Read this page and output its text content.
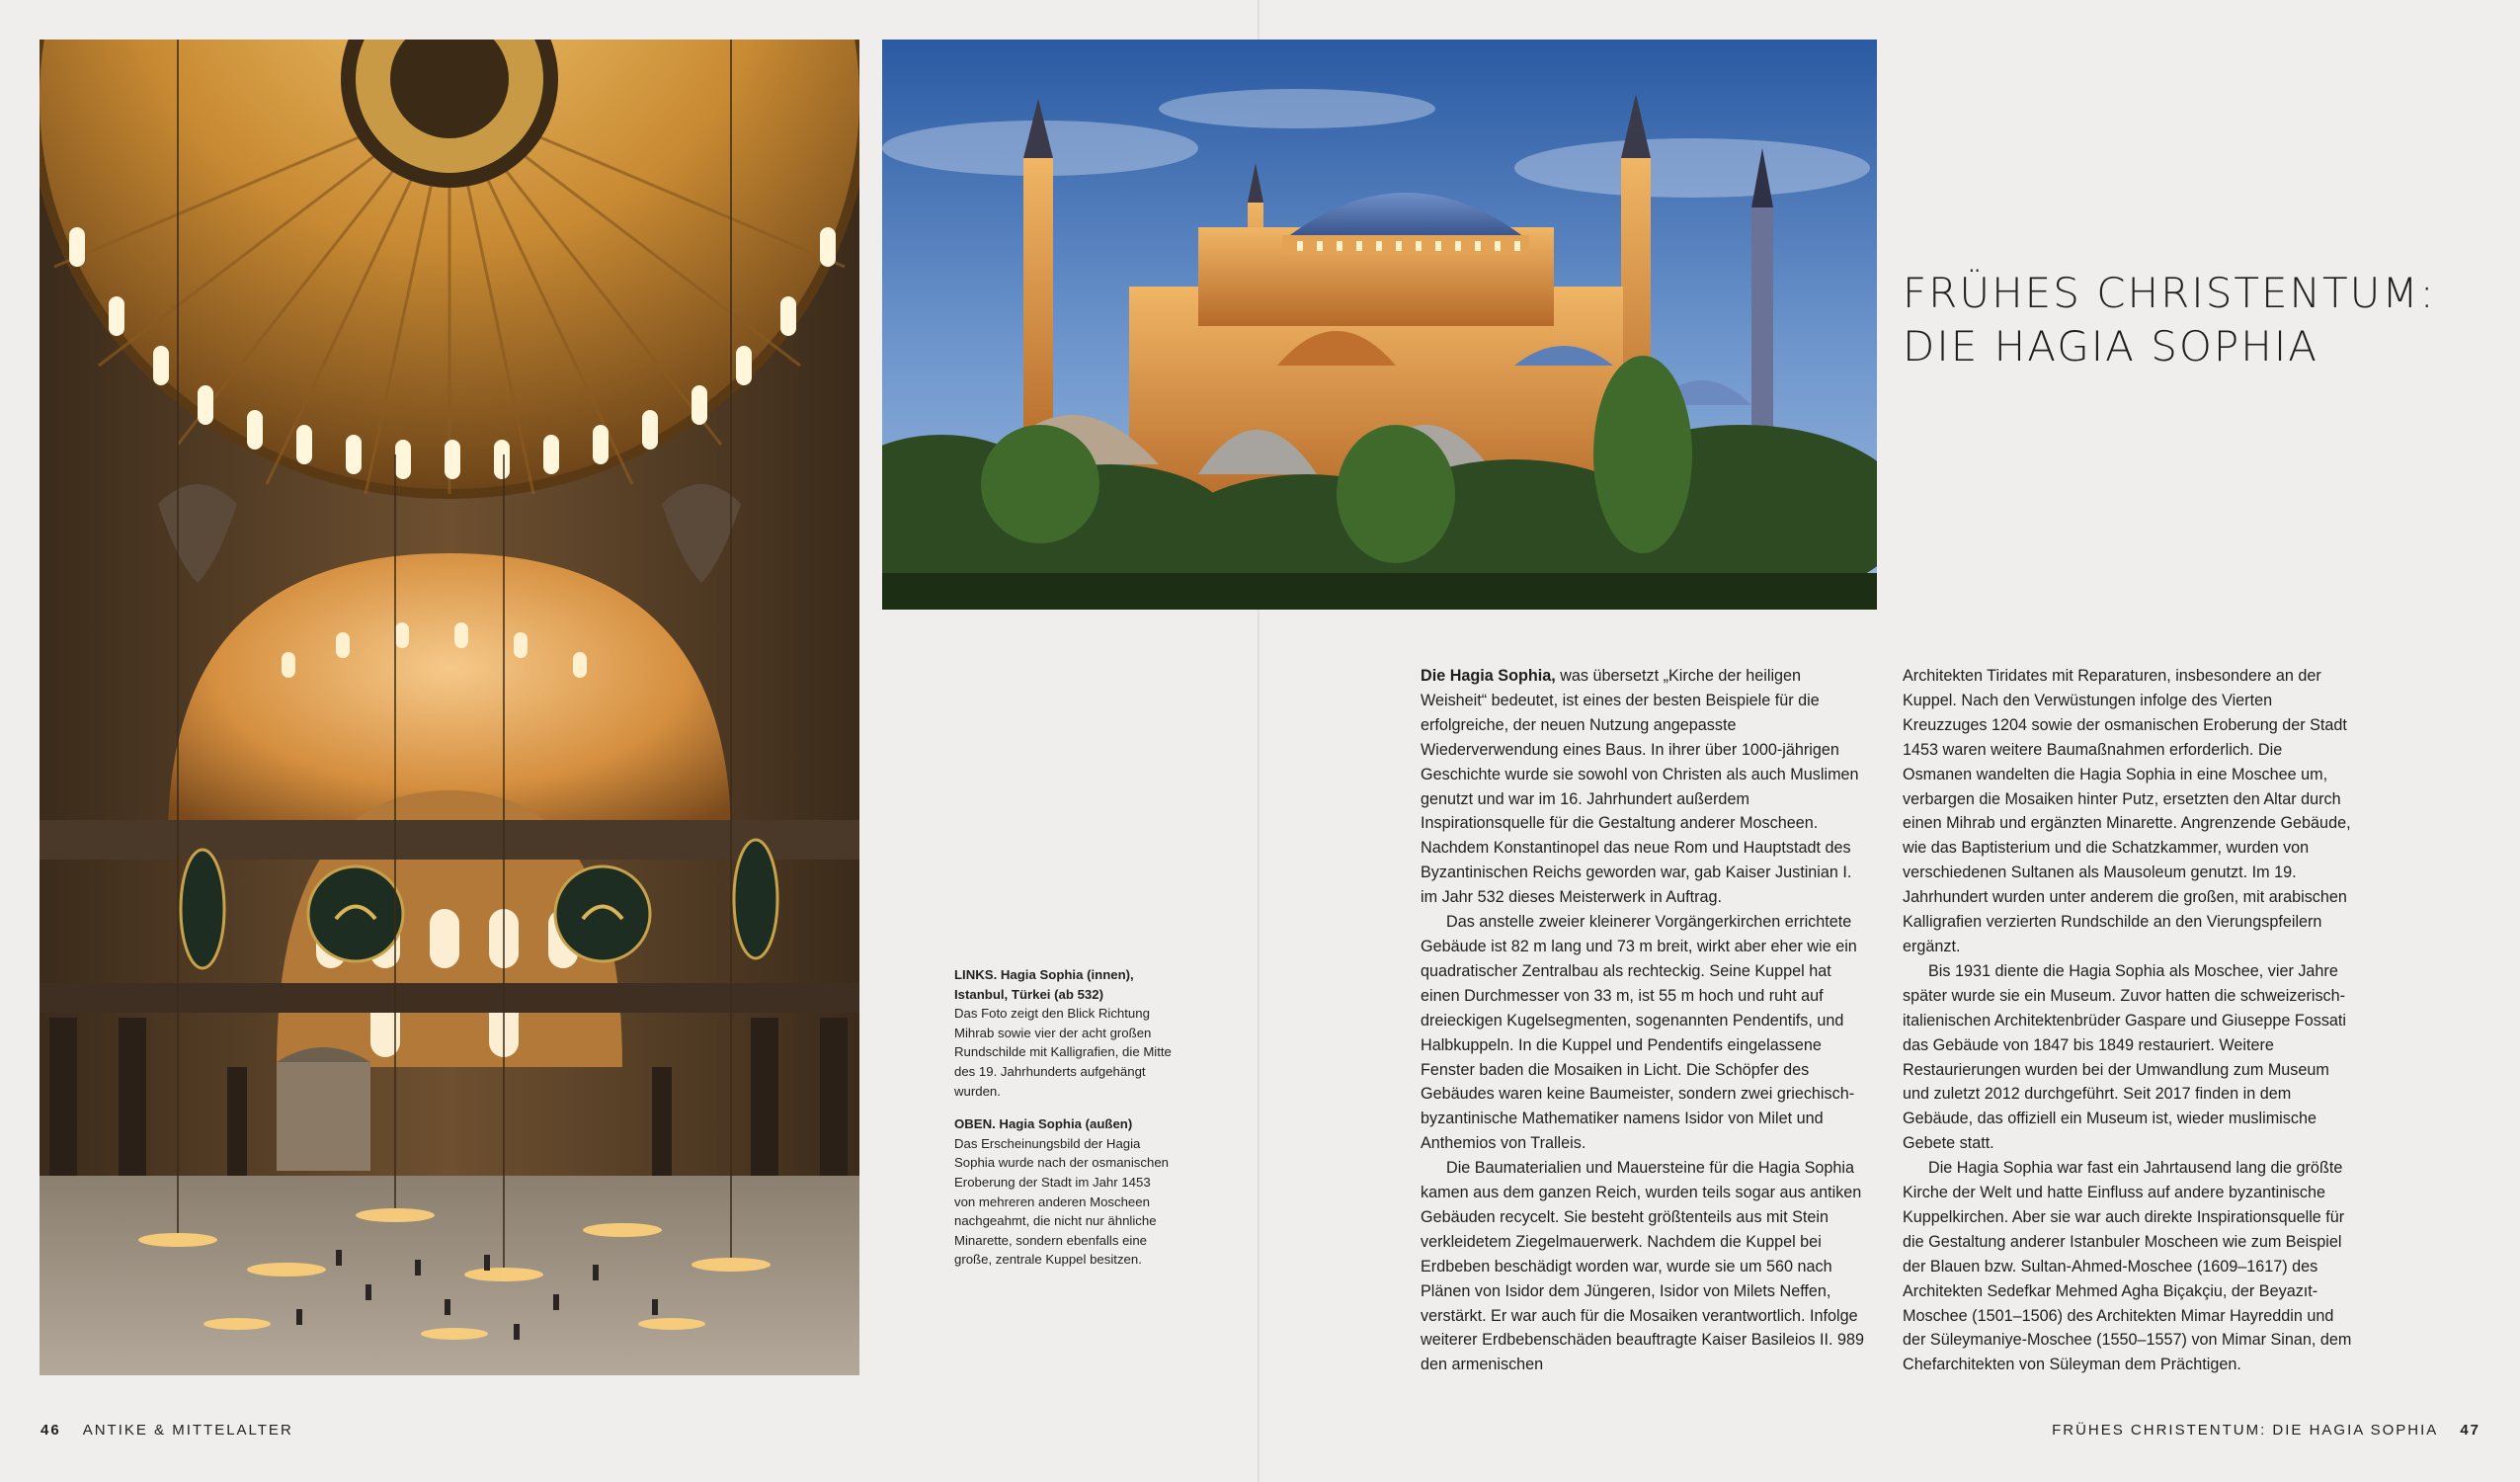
FRÜHES CHRISTENTUM:
DIE HAGIA SOPHIA
LINKS. Hagia Sophia (innen), Istanbul, Türkei (ab 532)
Das Foto zeigt den Blick Richtung Mihrab sowie vier der acht großen Rundschilde mit Kalligrafien, die Mitte des 19. Jahrhunderts aufgehängt wurden.
OBEN. Hagia Sophia (außen)
Das Erscheinungsbild der Hagia Sophia wurde nach der osmanischen Eroberung der Stadt im Jahr 1453 von mehreren anderen Moscheen nachgeahmt, die nicht nur ähnliche Minarette, sondern ebenfalls eine große, zentrale Kuppel besitzen.

Die Hagia Sophia, was übersetzt „Kirche der heiligen Weisheit“ bedeutet, ist eines der besten Beispiele für die erfolgreiche, der neuen Nutzung angepasste Wiederverwendung eines Baus. In ihrer über 1000-jährigen Geschichte wurde sie sowohl von Christen als auch Muslimen genutzt und war im 16. Jahrhundert außerdem Inspirationsquelle für die Gestaltung anderer Moscheen. Nachdem Konstantinopel das neue Rom und Hauptstadt des Byzantinischen Reichs geworden war, gab Kaiser Justinian I. im Jahr 532 dieses Meisterwerk in Auftrag.

Das anstelle zweier kleinerer Vorgängerkirchen errichtete Gebäude ist 82 m lang und 73 m breit, wirkt aber eher wie ein quadratischer Zentralbau als rechteckig. Seine Kuppel hat einen Durchmesser von 33 m, ist 55 m hoch und ruht auf dreieckigen Kugelsegmenten, sogenannten Pendentifs, und Halbkuppeln. In die Kuppel und Pendentifs eingelassene Fenster baden die Mosaiken in Licht. Die Schöpfer des Gebäudes waren keine Baumeister, sondern zwei griechisch-byzantinische Mathematiker namens Isidor von Milet und Anthemios von Tralleis.

Die Baumaterialien und Mauersteine für die Hagia Sophia kamen aus dem ganzen Reich, wurden teils sogar aus antiken Gebäuden recycelt. Sie besteht größtenteils aus mit Stein verkleidetem Ziegelmauerwerk. Nachdem die Kuppel bei Erdbeben beschädigt worden war, wurde sie um 560 nach Plänen von Isidor dem Jüngeren, Isidor von Milets Neffen, verstärkt. Er war auch für die Mosaiken verantwortlich. Infolge weiterer Erdbebenschäden beauftragte Kaiser Basileios II. 989 den armenischen

Architekten Tiridates mit Reparaturen, insbesondere an der Kuppel. Nach den Verwüstungen infolge des Vierten Kreuzzuges 1204 sowie der osmanischen Eroberung der Stadt 1453 waren weitere Baumaßnahmen erforderlich. Die Osmanen wandelten die Hagia Sophia in eine Moschee um, verbargen die Mosaiken hinter Putz, ersetzten den Altar durch einen Mihrab und ergänzten Minarette. Angrenzende Gebäude, wie das Baptisterium und die Schatzkammer, wurden von verschiedenen Sultanen als Mausoleum genutzt. Im 19. Jahrhundert wurden unter anderem die großen, mit arabischen Kalligrafien verzierten Rundschilde an den Vierungspfeilern ergänzt.

Bis 1931 diente die Hagia Sophia als Moschee, vier Jahre später wurde sie ein Museum. Zuvor hatten die schweizerisch-italienischen Architektenbrüder Gaspare und Giuseppe Fossati das Gebäude von 1847 bis 1849 restauriert. Weitere Restaurierungen wurden bei der Umwandlung zum Museum und zuletzt 2012 durchgeführt. Seit 2017 finden in dem Gebäude, das offiziell ein Museum ist, wieder muslimische Gebete statt.

Die Hagia Sophia war fast ein Jahrtausend lang die größte Kirche der Welt und hatte Einfluss auf andere byzantinische Kuppelkirchen. Aber sie war auch direkte Inspirationsquelle für die Gestaltung anderer Istanbuler Moscheen wie zum Beispiel der Blauen bzw. Sultan-Ahmed-Moschee (1609–1617) des Architekten Sedefkar Mehmed Agha Biçakçiu, der Beyazıt-Moschee (1501–1506) des Architekten Mimar Hayreddin und der Süleymaniye-Moschee (1550–1557) von Mimar Sinan, dem Chefarchitekten von Süleyman dem Prächtigen.

46 ANTIKE & MITTELALTER	FRÜHES CHRISTENTUM: DIE HAGIA SOPHIA 47
